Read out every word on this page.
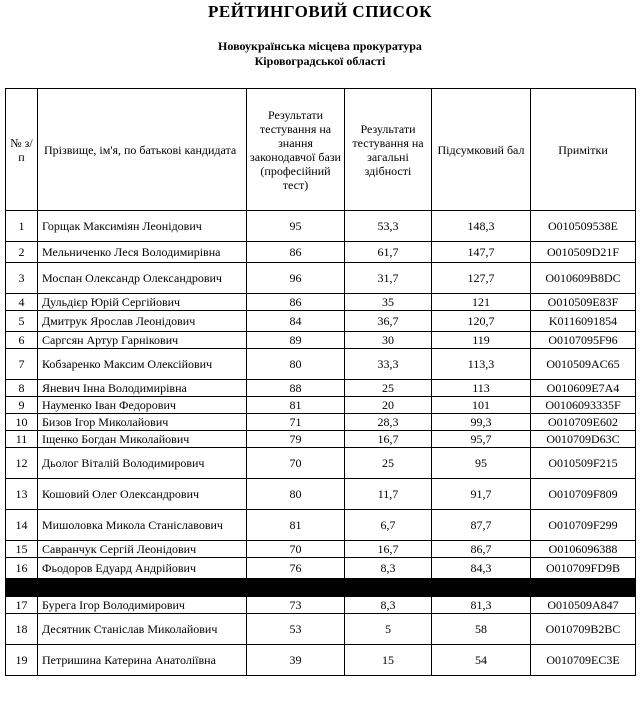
РЕЙТИНГОВИЙ СПИСОК
Новоукраїнська місцева прокуратура
Кіровоградської області
№ з/п	Прізвище, ім'я, по батькові кандидата	Результати тестування на знання законодавчої бази (професійний тест)	Результати тестування на загальні здібності	Підсумковий бал	Примітки
1	Горщак Максиміян Леонідович	95	53,3	148,3	O010509538E
2	Мельниченко Леся Володимирівна	86	61,7	147,7	O010509D21F
3	Моспан Олександр Олександрович	96	31,7	127,7	O010609B8DC
4	Дульдієр Юрій Сергійович	86	35	121	O010509E83F
5	Дмитрук Ярослав Леонідович	84	36,7	120,7	K0116091854
6	Саргсян Артур Гарнікович	89	30	119	O0107095F96
7	Кобзаренко Максим Олексійович	80	33,3	113,3	O010509AC65
8	Яневич Інна Володимирівна	88	25	113	O010609E7A4
9	Науменко Іван Федорович	81	20	101	O0106093335F
10	Бизов Ігор Миколайович	71	28,3	99,3	O010709E602
11	Іщенко Богдан Миколайович	79	16,7	95,7	O010709D63C
12	Дьолог Віталій Володимирович	70	25	95	O010509F215
13	Кошовий Олег Олександрович	80	11,7	91,7	O010709F809
14	Мишоловка Микола Станіславович	81	6,7	87,7	O010709F299
15	Савранчук Сергій Леонідович	70	16,7	86,7	O0106096388
16	Фьодоров Едуард Андрійович	76	8,3	84,3	O010709FD9B

17	Бурега Ігор Володимирович	73	8,3	81,3	O010509A847
18	Десятник Станіслав Миколайович	53	5	58	O010709B2BC
19	Петришина Катерина Анатоліївна	39	15	54	O010709EC3E
